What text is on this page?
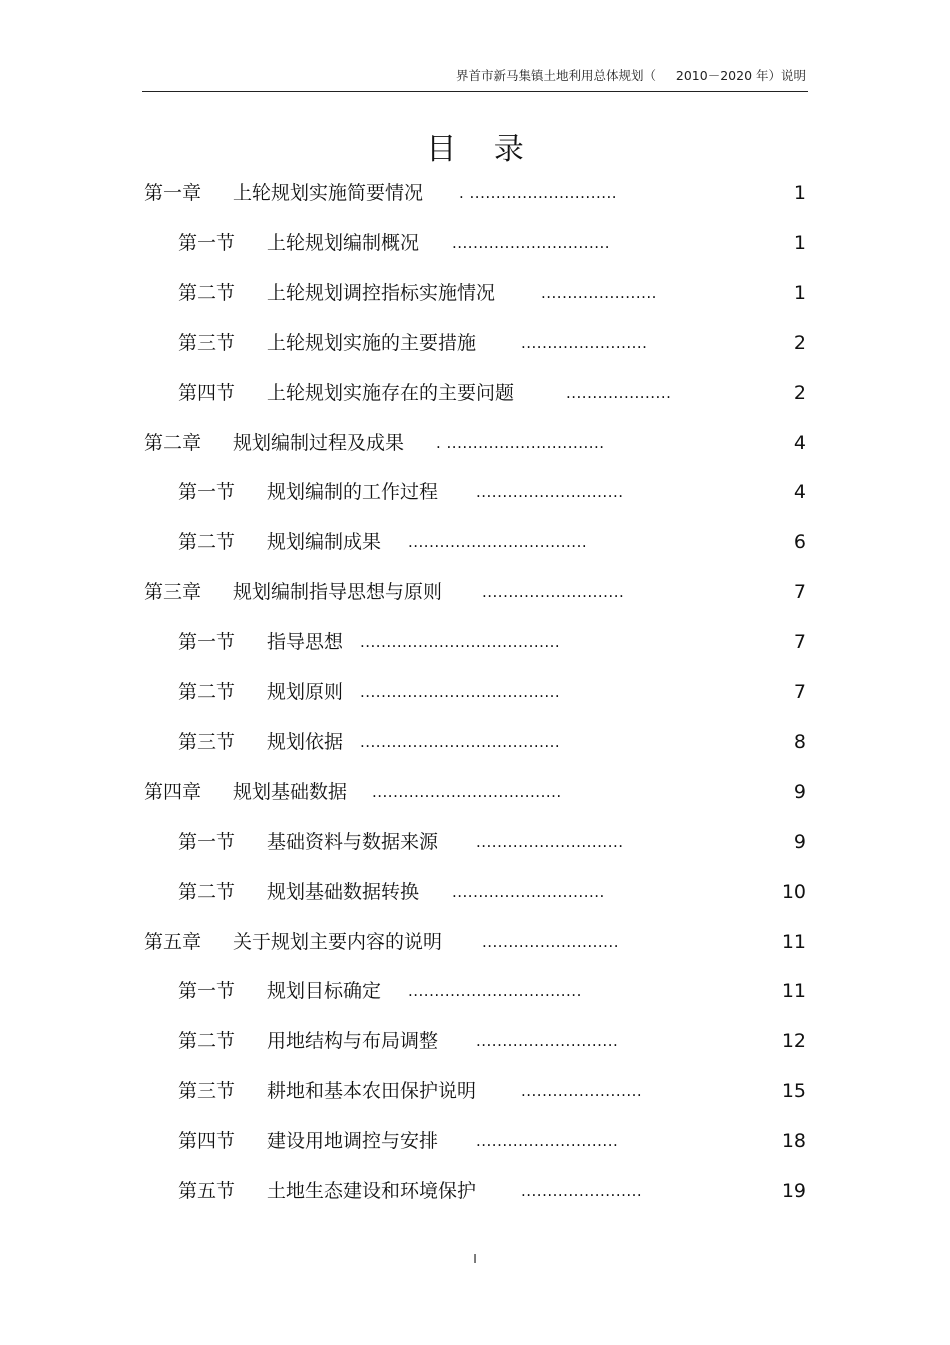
界首市新马集镇土地利用总体规划（     2010－2020 年）说明
目 录
第一章 上轮规划实施简要情况 . ............................	1
第一节 上轮规划编制概况 ..............................	1
第二节 上轮规划调控指标实施情况	......................	1
第三节 上轮规划实施的主要措施	........................	2
第四节 上轮规划实施存在的主要问题	....................	2
第二章 规划编制过程及成果 . ..............................	4
第一节 规划编制的工作过程	............................	4
第二节 规划编制成果 ..................................	6
第三章 规划编制指导思想与原则	...........................	7
第一节 指导思想 ......................................	7
第二节 规划原则 ......................................	7
第三节 规划依据 ......................................	8
第四章 规划基础数据 ....................................	9
第一节 基础资料与数据来源	............................	9
第二节 规划基础数据转换 .............................	10
第五章 关于规划主要内容的说明	..........................	11
第一节 规划目标确定 .................................	11
第二节 用地结构与布局调整	...........................	12
第三节 耕地和基本农田保护说明	.......................	15
第四节 建设用地调控与安排	...........................	18
第五节 土地生态建设和环境保护	.......................	19
I
